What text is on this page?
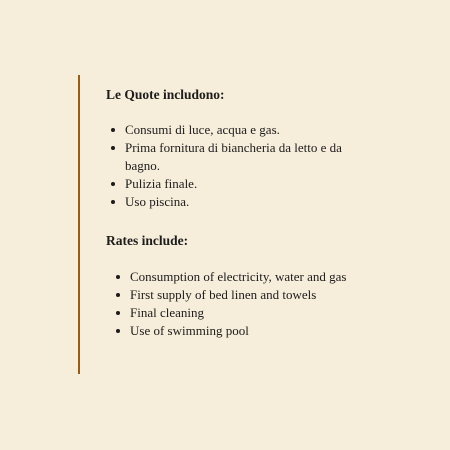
Le Quote includono:

Consumi di luce, acqua e gas.
Prima fornitura di biancheria da letto e da bagno.
Pulizia finale.
Uso piscina.

Rates include:

Consumption of electricity, water and gas
First supply of bed linen and towels
Final cleaning
Use of swimming pool
